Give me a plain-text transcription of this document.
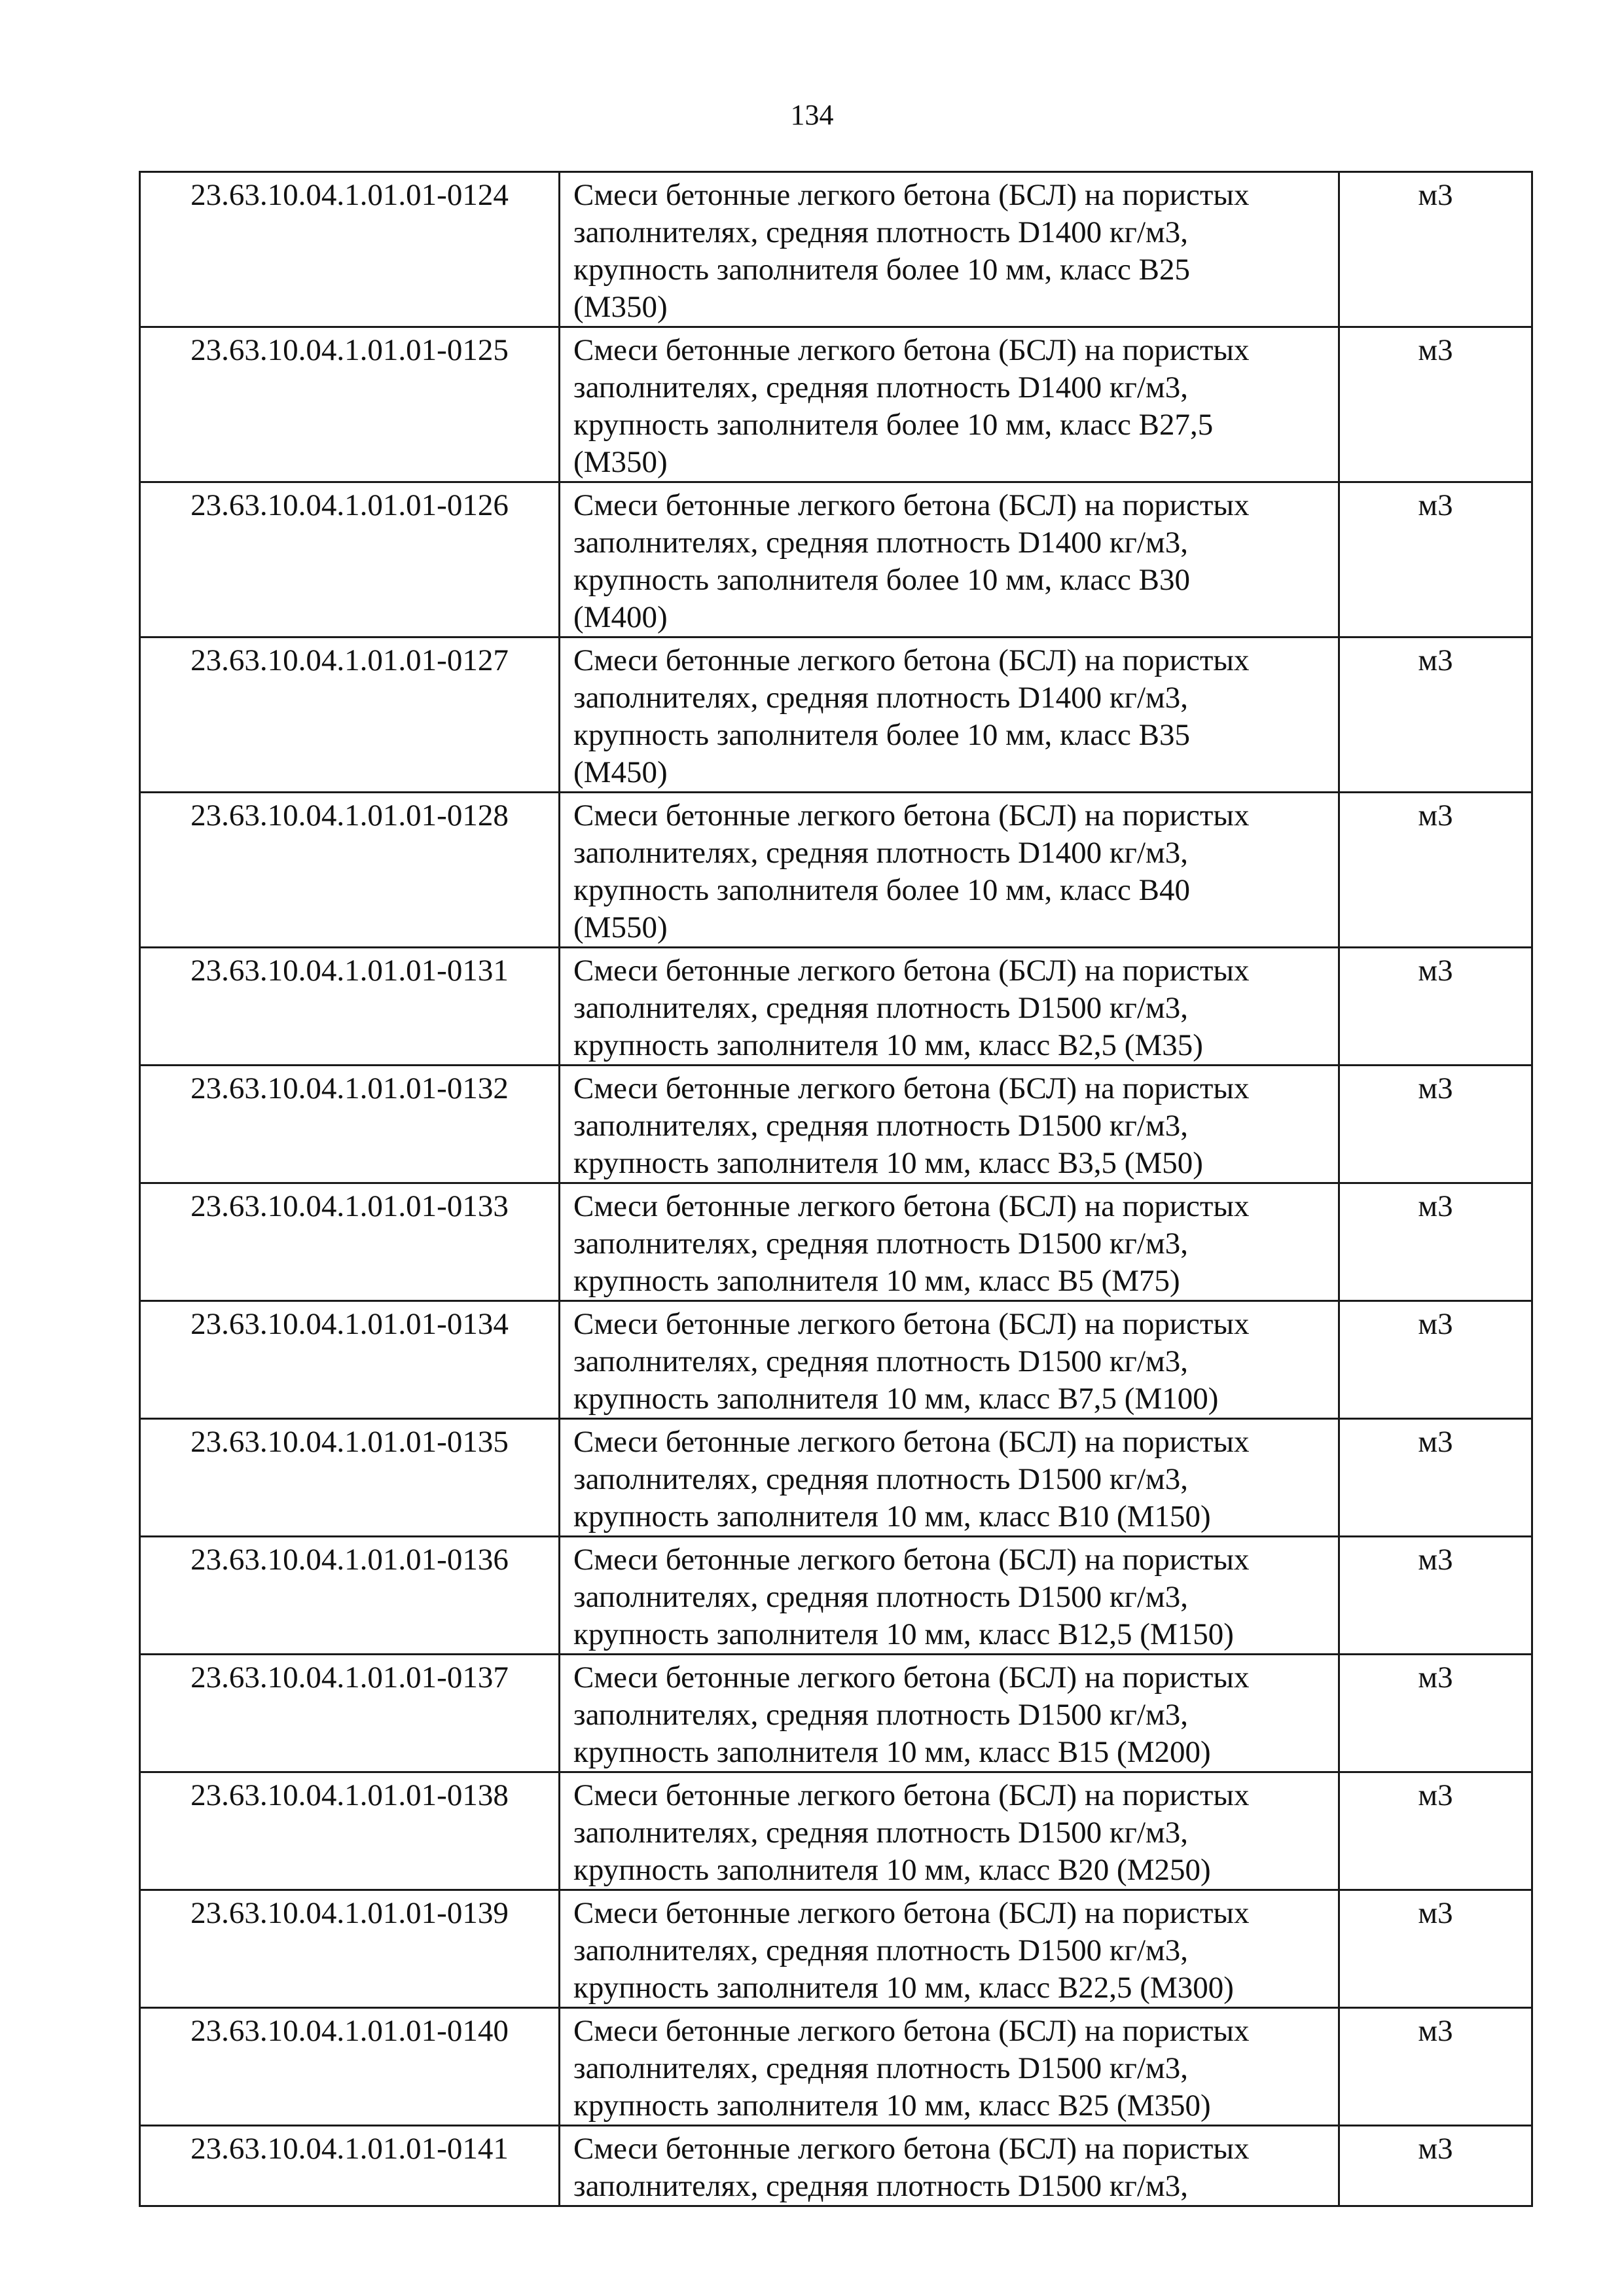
134
23.63.10.04.1.01.01-0124	Смеси бетонные легкого бетона (БСЛ) на пористых
заполнителях, средняя плотность D1400 кг/м3,
крупность заполнителя более 10 мм, класс В25
(М350)	м3
23.63.10.04.1.01.01-0125	Смеси бетонные легкого бетона (БСЛ) на пористых
заполнителях, средняя плотность D1400 кг/м3,
крупность заполнителя более 10 мм, класс В27,5
(М350)	м3
23.63.10.04.1.01.01-0126	Смеси бетонные легкого бетона (БСЛ) на пористых
заполнителях, средняя плотность D1400 кг/м3,
крупность заполнителя более 10 мм, класс В30
(М400)	м3
23.63.10.04.1.01.01-0127	Смеси бетонные легкого бетона (БСЛ) на пористых
заполнителях, средняя плотность D1400 кг/м3,
крупность заполнителя более 10 мм, класс В35
(М450)	м3
23.63.10.04.1.01.01-0128	Смеси бетонные легкого бетона (БСЛ) на пористых
заполнителях, средняя плотность D1400 кг/м3,
крупность заполнителя более 10 мм, класс В40
(М550)	м3
23.63.10.04.1.01.01-0131	Смеси бетонные легкого бетона (БСЛ) на пористых
заполнителях, средняя плотность D1500 кг/м3,
крупность заполнителя 10 мм, класс В2,5 (М35)	м3
23.63.10.04.1.01.01-0132	Смеси бетонные легкого бетона (БСЛ) на пористых
заполнителях, средняя плотность D1500 кг/м3,
крупность заполнителя 10 мм, класс В3,5 (М50)	м3
23.63.10.04.1.01.01-0133	Смеси бетонные легкого бетона (БСЛ) на пористых
заполнителях, средняя плотность D1500 кг/м3,
крупность заполнителя 10 мм, класс В5 (М75)	м3
23.63.10.04.1.01.01-0134	Смеси бетонные легкого бетона (БСЛ) на пористых
заполнителях, средняя плотность D1500 кг/м3,
крупность заполнителя 10 мм, класс В7,5 (М100)	м3
23.63.10.04.1.01.01-0135	Смеси бетонные легкого бетона (БСЛ) на пористых
заполнителях, средняя плотность D1500 кг/м3,
крупность заполнителя 10 мм, класс В10 (М150)	м3
23.63.10.04.1.01.01-0136	Смеси бетонные легкого бетона (БСЛ) на пористых
заполнителях, средняя плотность D1500 кг/м3,
крупность заполнителя 10 мм, класс В12,5 (М150)	м3
23.63.10.04.1.01.01-0137	Смеси бетонные легкого бетона (БСЛ) на пористых
заполнителях, средняя плотность D1500 кг/м3,
крупность заполнителя 10 мм, класс В15 (М200)	м3
23.63.10.04.1.01.01-0138	Смеси бетонные легкого бетона (БСЛ) на пористых
заполнителях, средняя плотность D1500 кг/м3,
крупность заполнителя 10 мм, класс В20 (М250)	м3
23.63.10.04.1.01.01-0139	Смеси бетонные легкого бетона (БСЛ) на пористых
заполнителях, средняя плотность D1500 кг/м3,
крупность заполнителя 10 мм, класс В22,5 (М300)	м3
23.63.10.04.1.01.01-0140	Смеси бетонные легкого бетона (БСЛ) на пористых
заполнителях, средняя плотность D1500 кг/м3,
крупность заполнителя 10 мм, класс В25 (М350)	м3
23.63.10.04.1.01.01-0141	Смеси бетонные легкого бетона (БСЛ) на пористых
заполнителях, средняя плотность D1500 кг/м3,	м3
